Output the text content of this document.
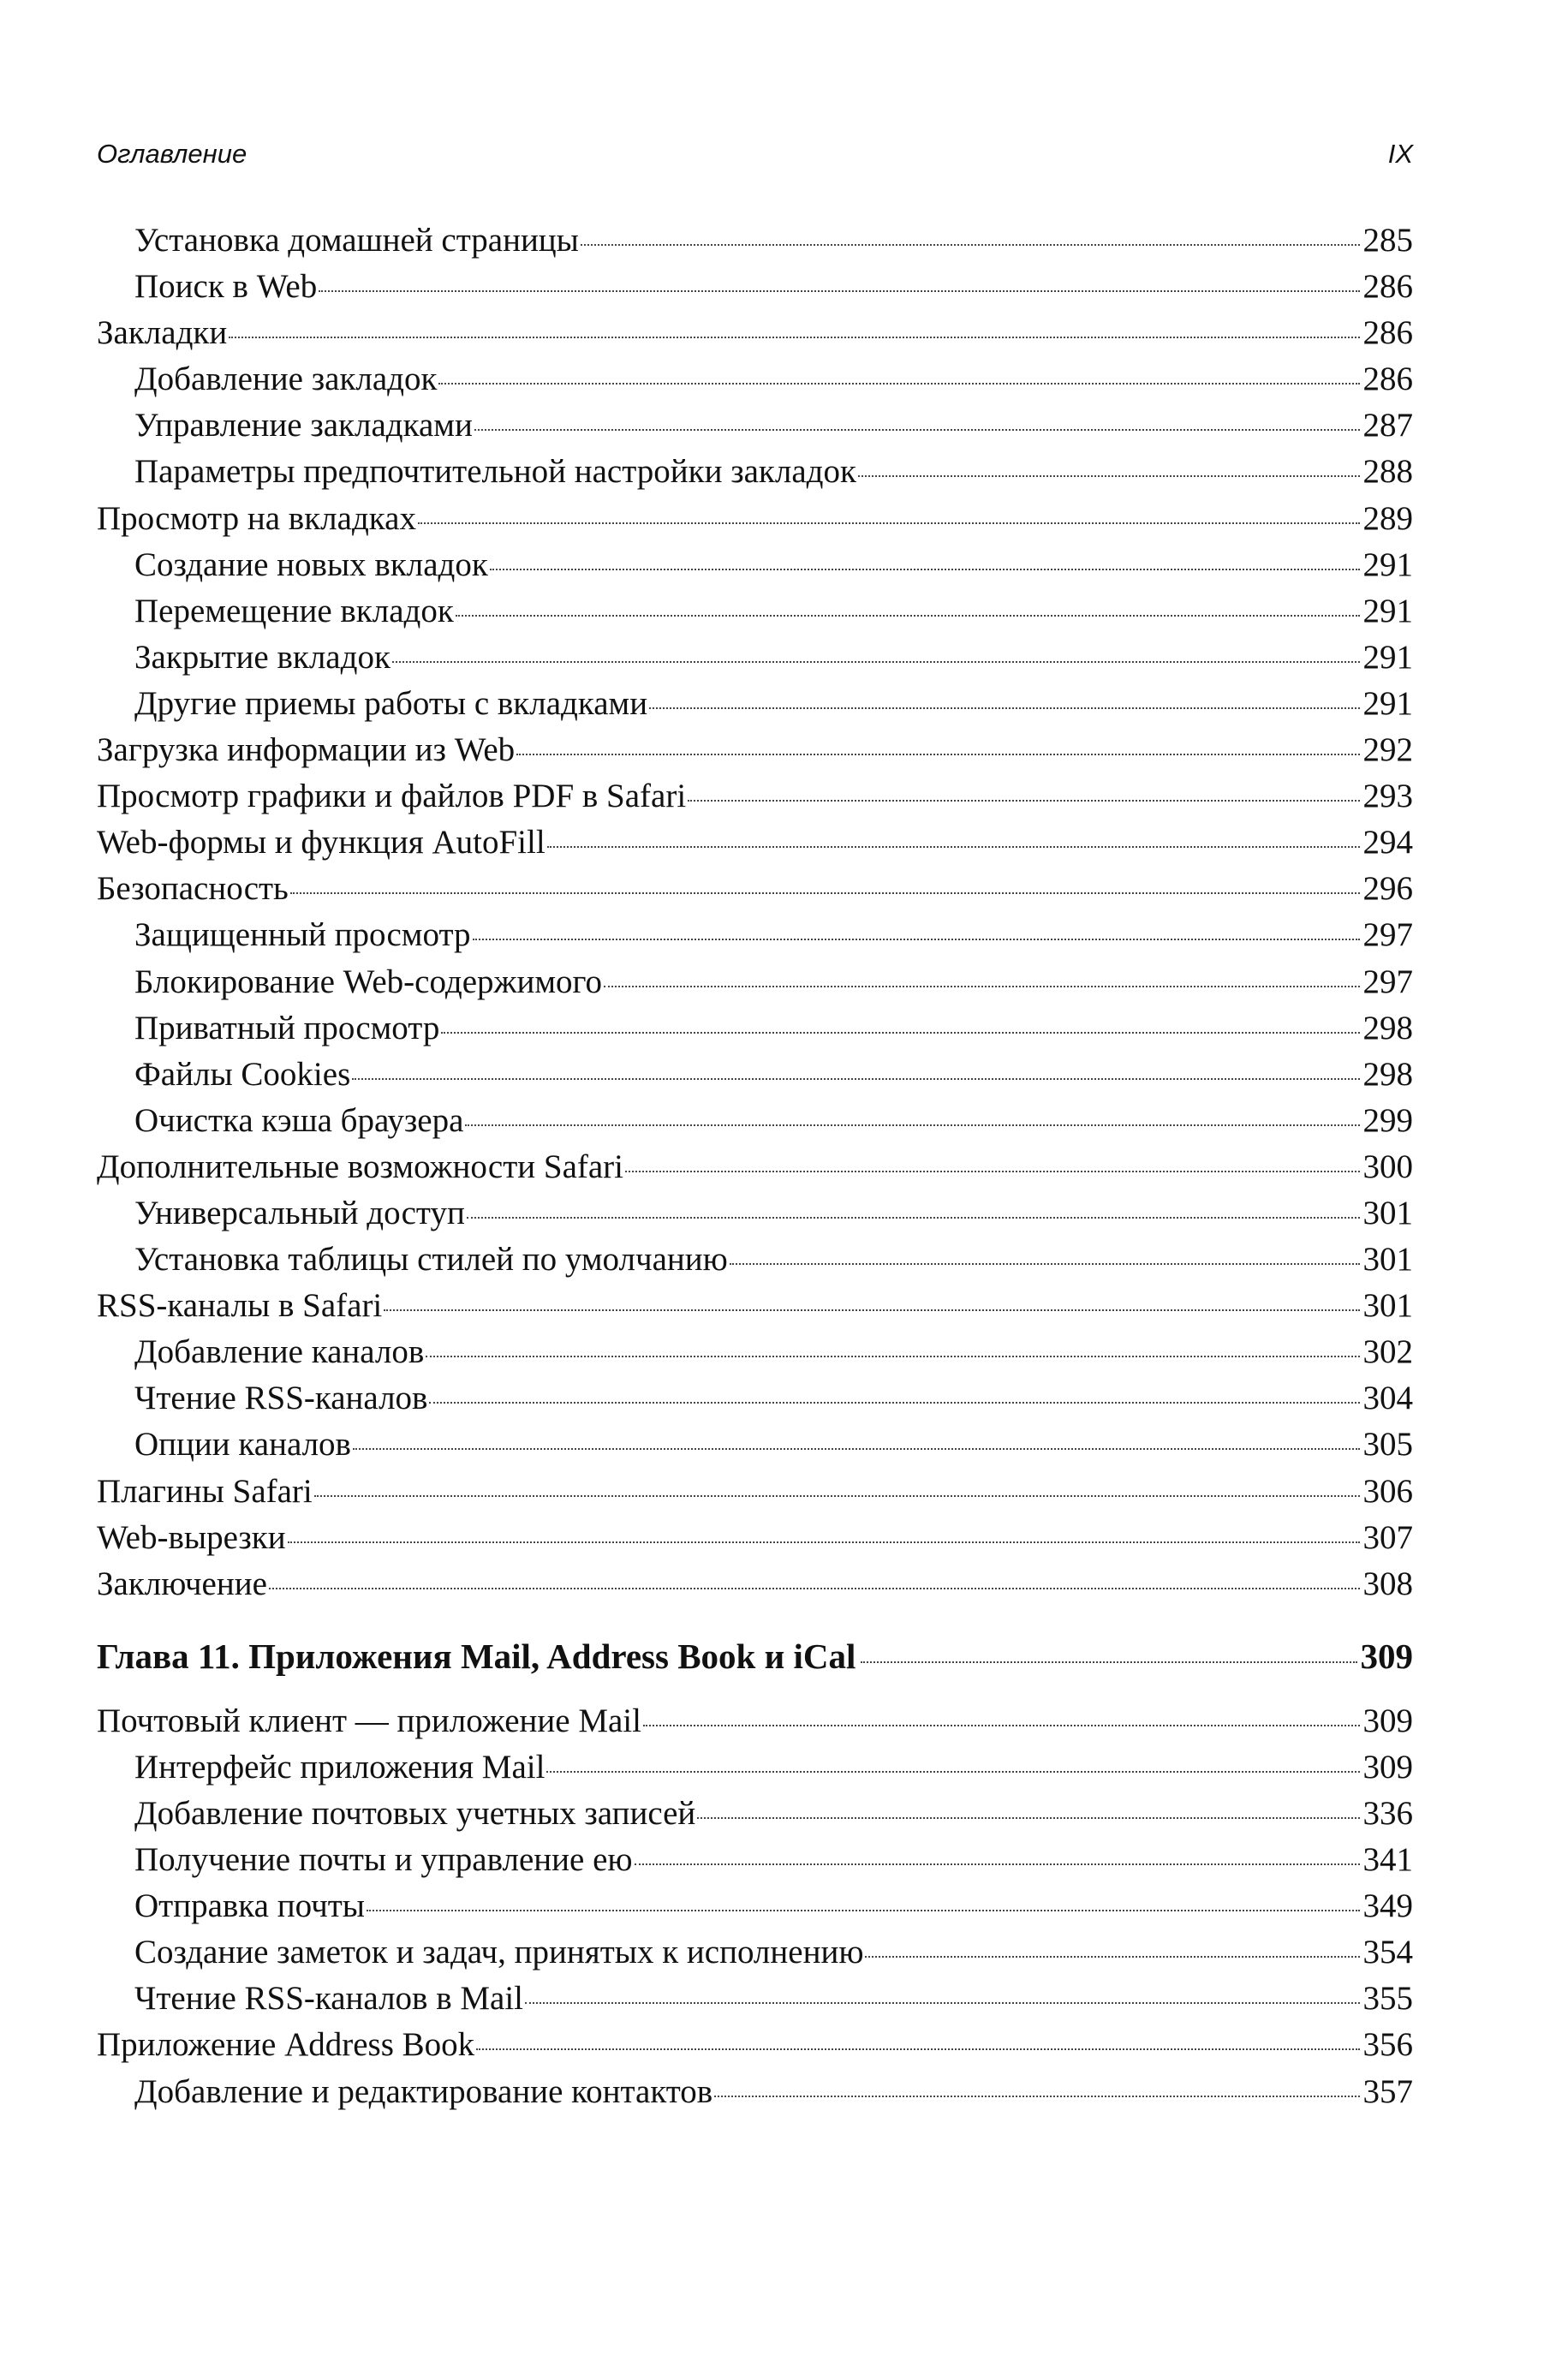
Оглавление	IX
Установка домашней страницы	285
Поиск в Web	286
Закладки	286
Добавление закладок	286
Управление закладками	287
Параметры предпочтительной настройки закладок	288
Просмотр на вкладках	289
Создание новых вкладок	291
Перемещение вкладок	291
Закрытие вкладок	291
Другие приемы работы с вкладками	291
Загрузка информации из Web	292
Просмотр графики и файлов PDF в Safari	293
Web-формы и функция AutoFill	294
Безопасность	296
Защищенный просмотр	297
Блокирование Web-содержимого	297
Приватный просмотр	298
Файлы Cookies	298
Очистка кэша браузера	299
Дополнительные возможности Safari	300
Универсальный доступ	301
Установка таблицы стилей по умолчанию	301
RSS-каналы в Safari	301
Добавление каналов	302
Чтение RSS-каналов	304
Опции каналов	305
Плагины Safari	306
Web-вырезки	307
Заключение	308
Глава 11. Приложения Mail, Address Book и iCal	309
Почтовый клиент — приложение Mail	309
Интерфейс приложения Mail	309
Добавление почтовых учетных записей	336
Получение почты и управление ею	341
Отправка почты	349
Создание заметок и задач, принятых к исполнению	354
Чтение RSS-каналов в Mail	355
Приложение Address Book	356
Добавление и редактирование контактов	357
